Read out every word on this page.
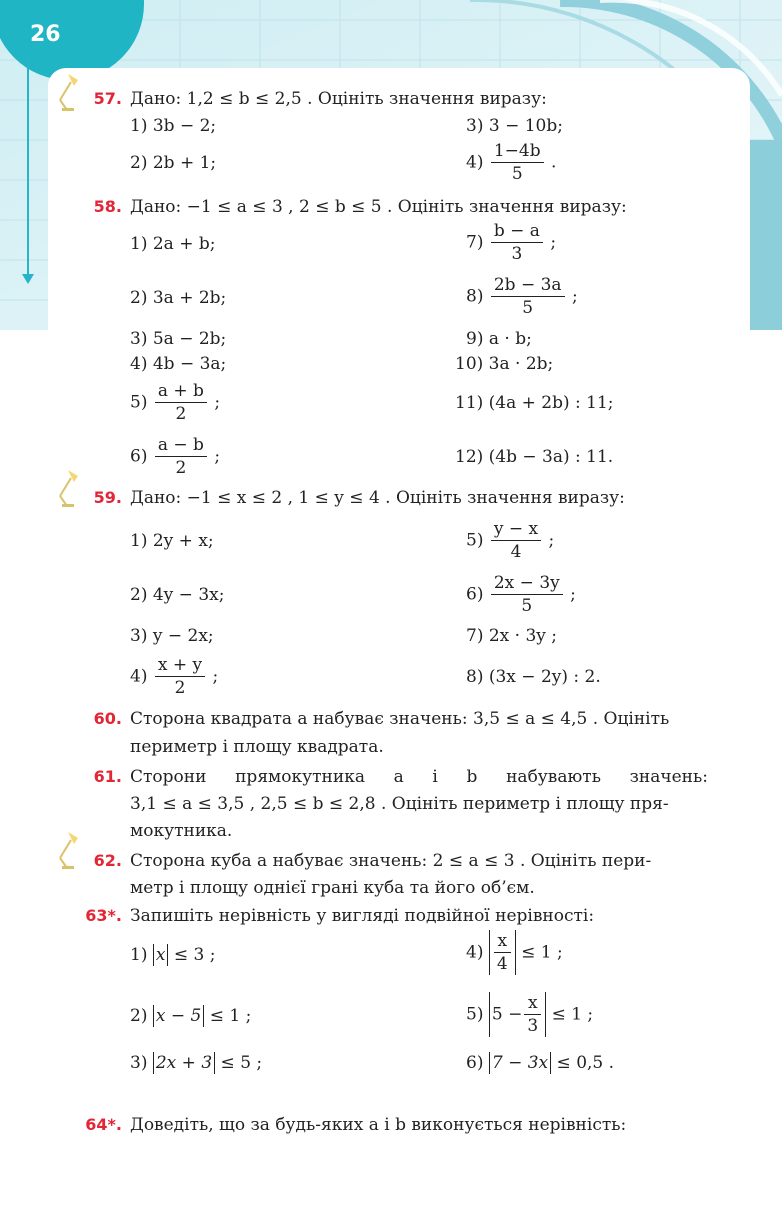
26
57. Дано: 1,2 ≤ b ≤ 2,5 . Оцініть значення виразу:
1) 3b − 2;	3) 3 − 10b;
2) 2b + 1;	$4) \frac{1-4b}{5}$ .
58. Дано: −1 ≤ a ≤ 3 , 2 ≤ b ≤ 5 . Оцініть значення виразу:
1) 2a + b;	$7) \frac{b - a}{3}$ ;
2) 3a + 2b;	$8) \frac{2b - 3a}{5}$ ;
3) 5a − 2b;	9) a · b;
4) 4b − 3a;	10) 3a · 2b;
$5) \frac{a + b}{2}$ ;	11) (4a + 2b) : 11;
$6) \frac{a - b}{2}$ ;	12) (4b − 3a) : 11.
59. Дано: −1 ≤ x ≤ 2 , 1 ≤ y ≤ 4 . Оцініть значення виразу:
1) 2y + x;	$5) \frac{y - x}{4}$ ;
2) 4y − 3x;	$6) \frac{2x - 3y}{5}$ ;
3) y − 2x;	7) 2x · 3y ;
$4) \frac{x + y}{2}$ ;	8) (3x − 2y) : 2.
60. Сторона квадрата a набуває значень: 3,5 ≤ a ≤ 4,5 . Оцініть
периметр і площу квадрата.
61. Сторони прямокутника a і b набувають значень:
3,1 ≤ a ≤ 3,5 , 2,5 ≤ b ≤ 2,8 . Оцініть периметр і площу пря-
мокутника.
62. Сторона куба a набуває значень: 2 ≤ a ≤ 3 . Оцініть пери-
метр і площу однієї грані куба та його об’єм.
63*. Запишіть нерівність у вигляді подвійної нерівності:
1) x ≤ 3 ;	$4) \frac{x}{4} \le 1$ ;
2) x − 5 ≤ 1 ;	5) $5 - \frac{x}{3} \le 1$ ;
3) 2x + 3 ≤ 5 ;	6) 7 − 3x ≤ 0,5 .
64*. Доведіть, що за будь-яких a і b виконується нерівність:
